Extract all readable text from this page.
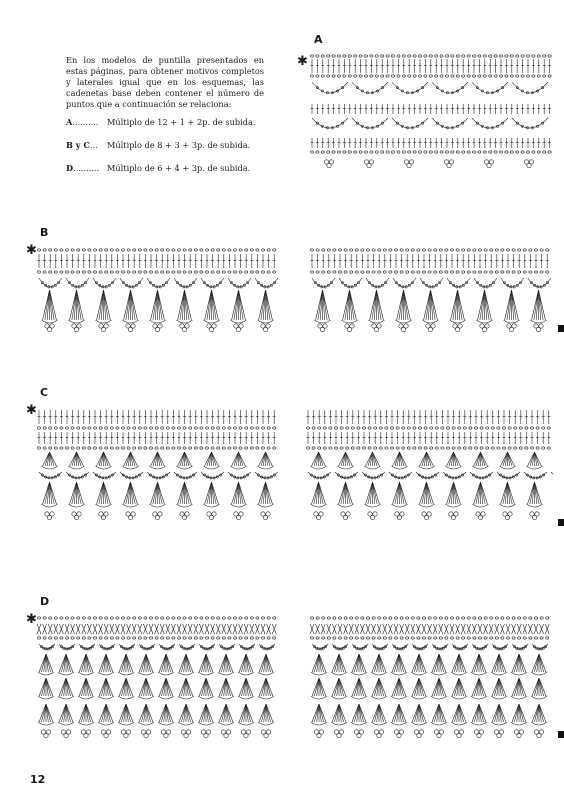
En los modelos de puntilla presentados en estas páginas, para obtener motivos completos y laterales igual que en los esquemas, las cadenetas base deben contener el número de puntos que a continuación se relaciona:

A..........	Múltiplo de 12 + 1 + 2p. de subida.
B y C...	Múltiplo de 8 + 3 + 3p. de subida.
D.......... Múltiplo de 6 + 4 + 3p. de subida.
A
B
C
D
✱
✱
✱
✱
12
